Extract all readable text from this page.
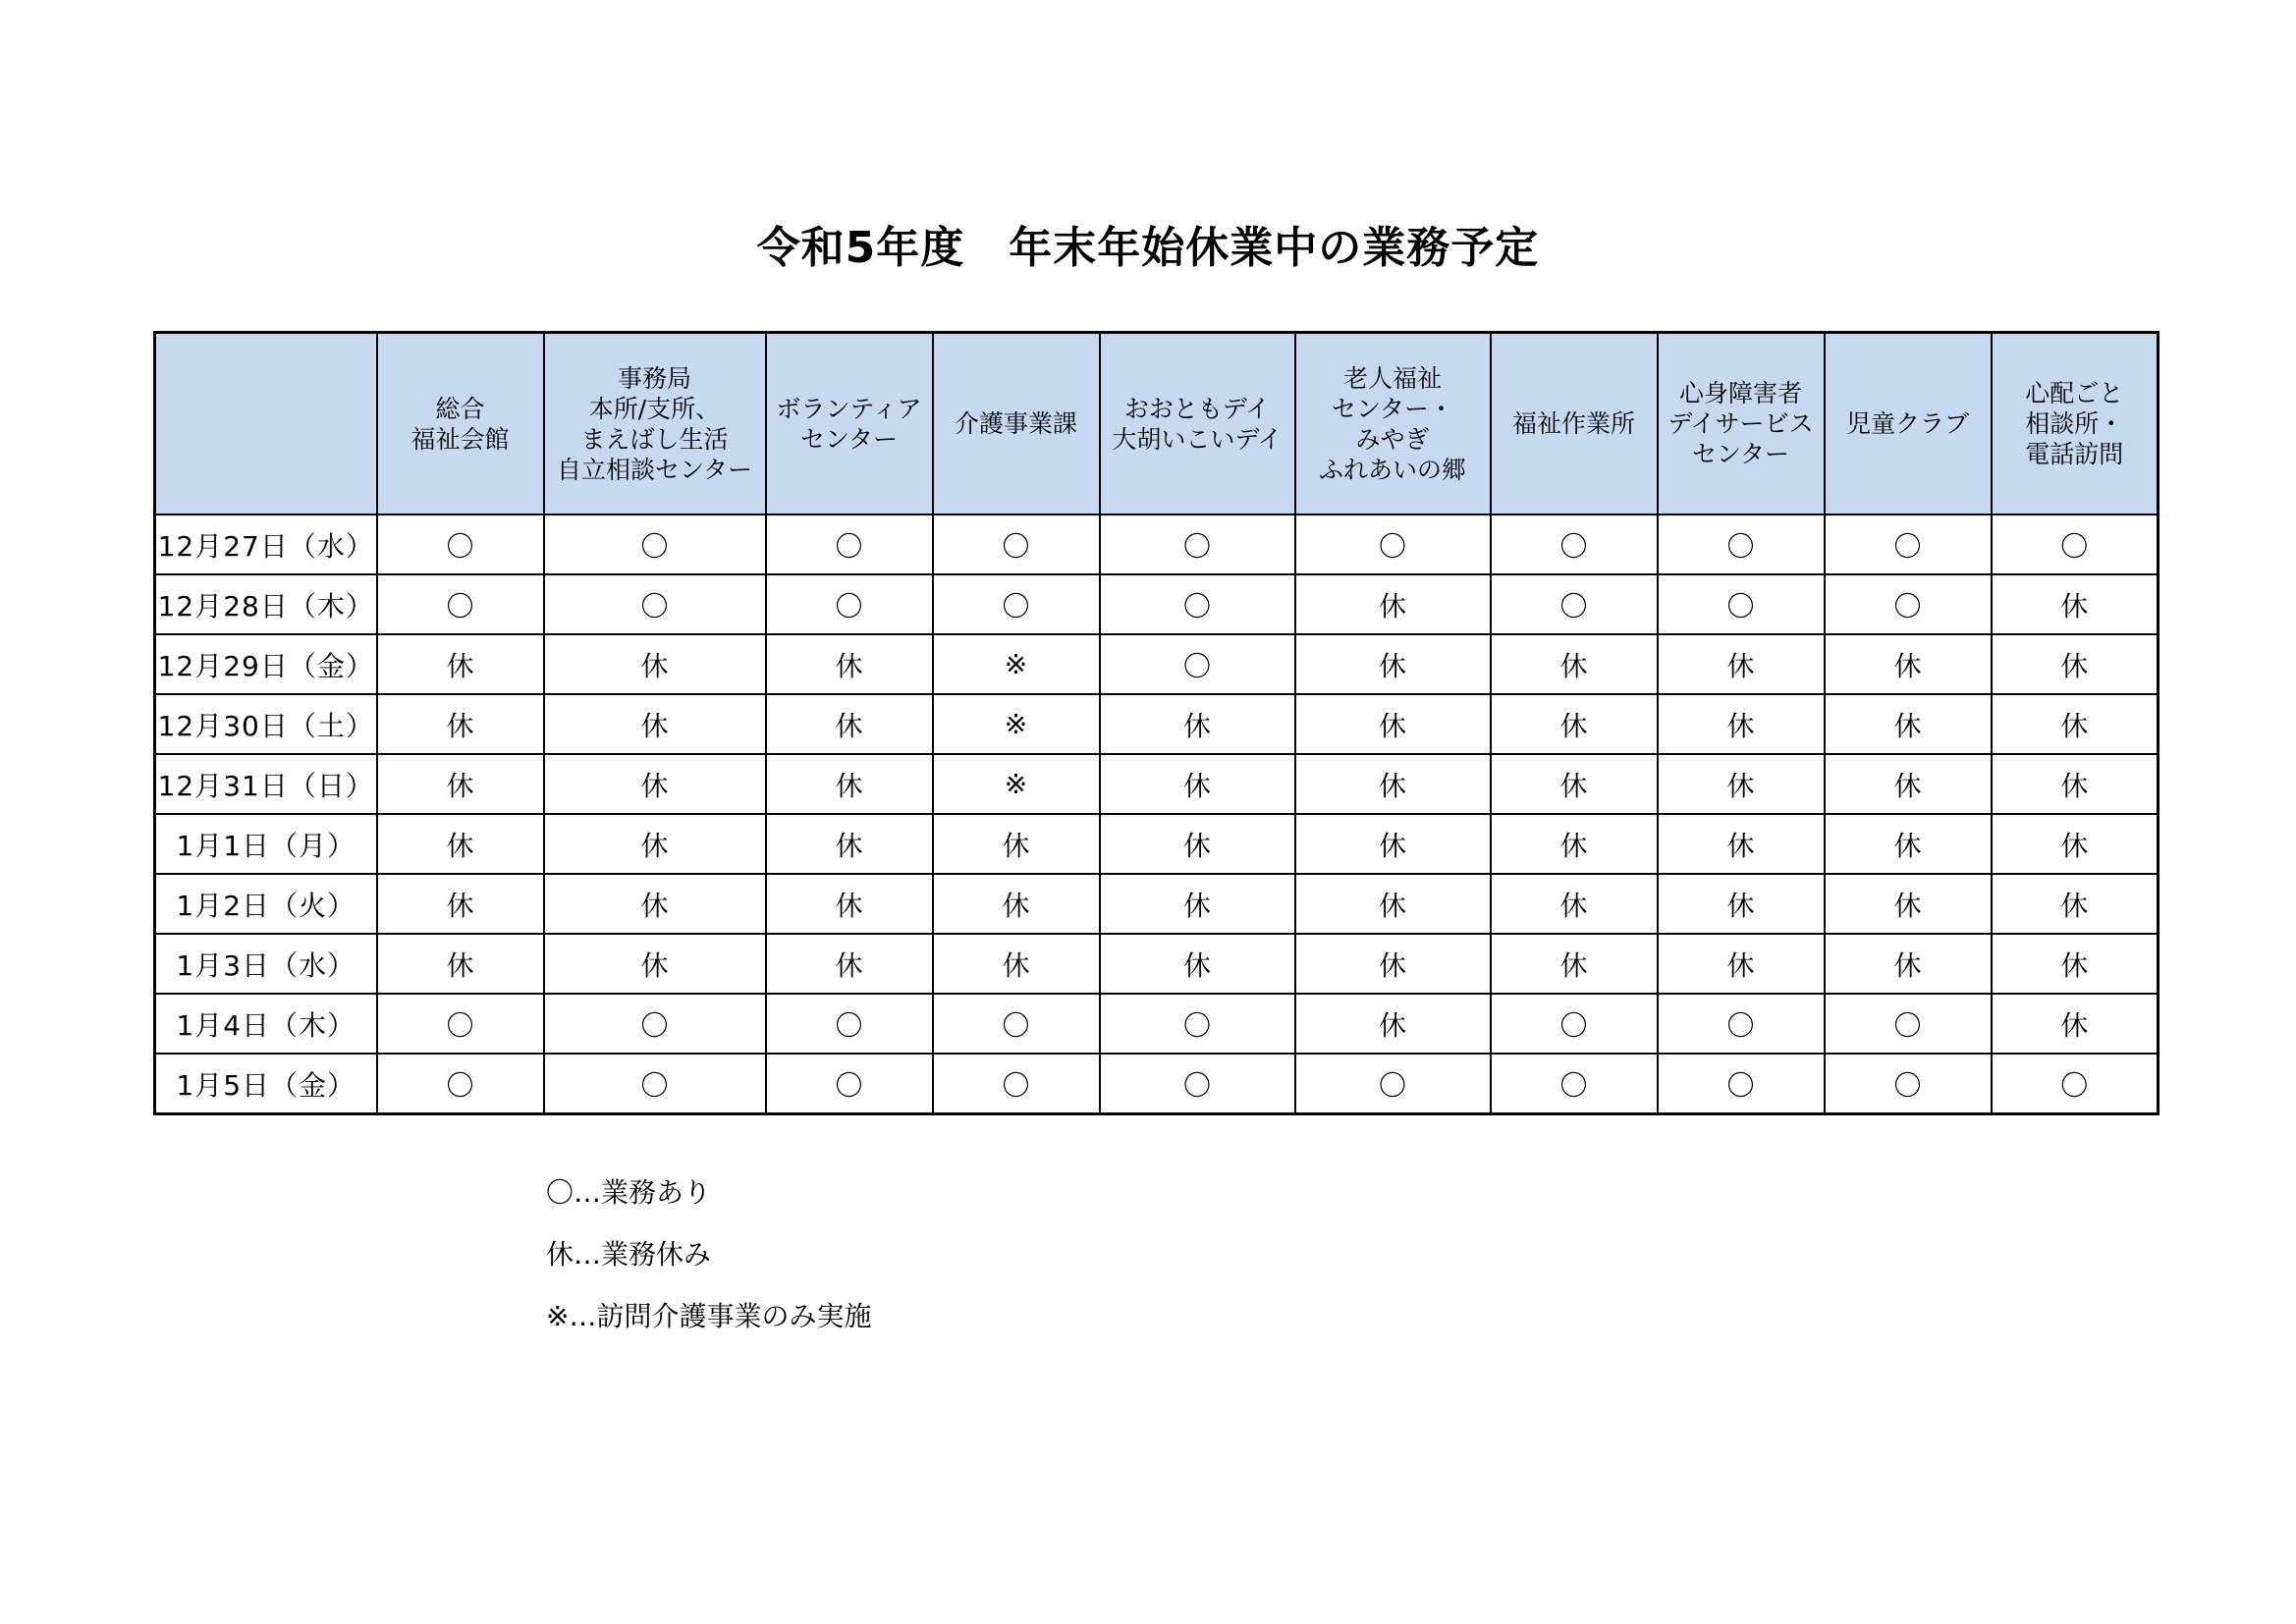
令和5年度　年末年始休業中の業務予定

	総合
福祉会館	事務局
本所/支所、
まえばし生活
自立相談センター	ボランティア
センター	介護事業課	おおともデイ
大胡いこいデイ	老人福祉
センター・
みやぎ
ふれあいの郷	福祉作業所	心身障害者
デイサービス
センター	児童クラブ	心配ごと
相談所・
電話訪問

12月27日（水）	〇	〇	〇	〇	〇	〇	〇	〇	〇	〇
12月28日（木）	〇	〇	〇	〇	〇	休	〇	〇	〇	休
12月29日（金）	休	休	休	※	〇	休	休	休	休	休
12月30日（土）	休	休	休	※	休	休	休	休	休	休
12月31日（日）	休	休	休	※	休	休	休	休	休	休
1月1日（月）	休	休	休	休	休	休	休	休	休	休
1月2日（火）	休	休	休	休	休	休	休	休	休	休
1月3日（水）	休	休	休	休	休	休	休	休	休	休
1月4日（木）	〇	〇	〇	〇	〇	休	〇	〇	〇	休
1月5日（金）	〇	〇	〇	〇	〇	〇	〇	〇	〇	〇
〇…業務あり
休…業務休み
※…訪問介護事業のみ実施
